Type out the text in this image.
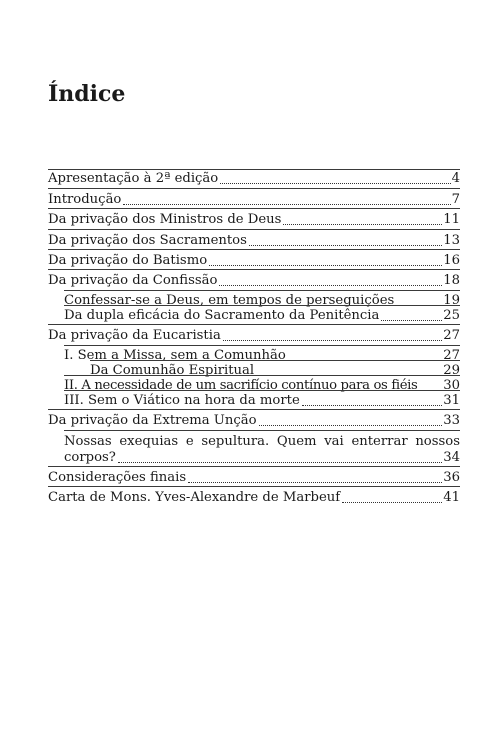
Índice
Apresentação à 2ª edição	4
Introdução	7
Da privação dos Ministros de Deus	11
Da privação dos Sacramentos	13
Da privação do Batismo	16
Da privação da Confissão	18
Confessar-se a Deus, em tempos de perseguições	19
Da dupla eficácia do Sacramento da Penitência	25
Da privação da Eucaristia	27
I. Sem a Missa, sem a Comunhão	27
Da Comunhão Espiritual	29
II. A necessidade de um sacrifício contínuo para os fiéis 30
III. Sem o Viático na hora da morte	31
Da privação da Extrema Unção	33
Nossas exequias e sepultura. Quem vai enterrar nossos
corpos?	34
Considerações finais	36
Carta de Mons. Yves-Alexandre de Marbeuf	41
